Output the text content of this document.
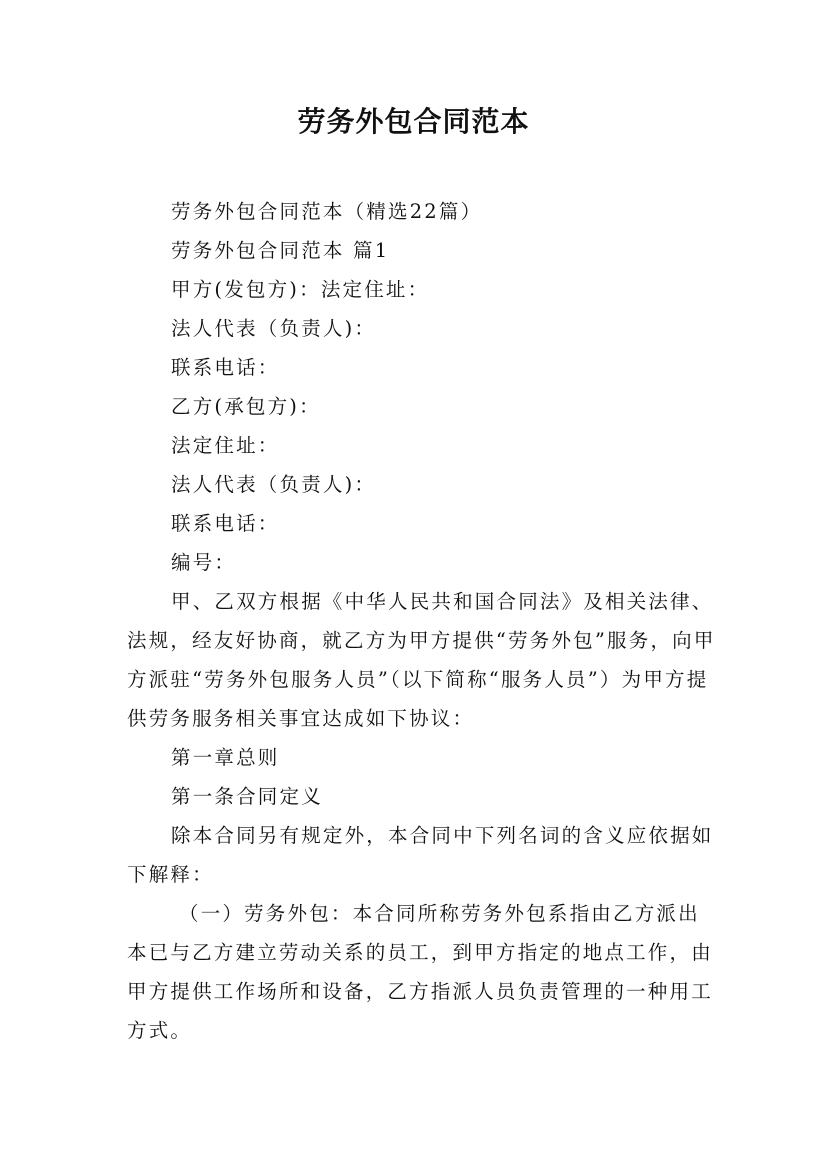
劳务外包合同范本

劳务外包合同范本（精选22篇）

劳务外包合同范本 篇1

甲方(发包方)：法定住址：

法人代表（负责人)：

联系电话：

乙方(承包方)：

法定住址：

法人代表（负责人)：

联系电话：

编号：

甲、乙双方根据《中华人民共和国合同法》及相关法律、法规，经友好协商，就乙方为甲方提供“劳务外包”服务，向甲方派驻“劳务外包服务人员”（以下简称“服务人员”）为甲方提供劳务服务相关事宜达成如下协议：

第一章总则

第一条合同定义

除本合同另有规定外，本合同中下列名词的含义应依据如下解释：

（一）劳务外包：本合同所称劳务外包系指由乙方派出本已与乙方建立劳动关系的员工，到甲方指定的地点工作，由甲方提供工作场所和设备，乙方指派人员负责管理的一种用工方式。
